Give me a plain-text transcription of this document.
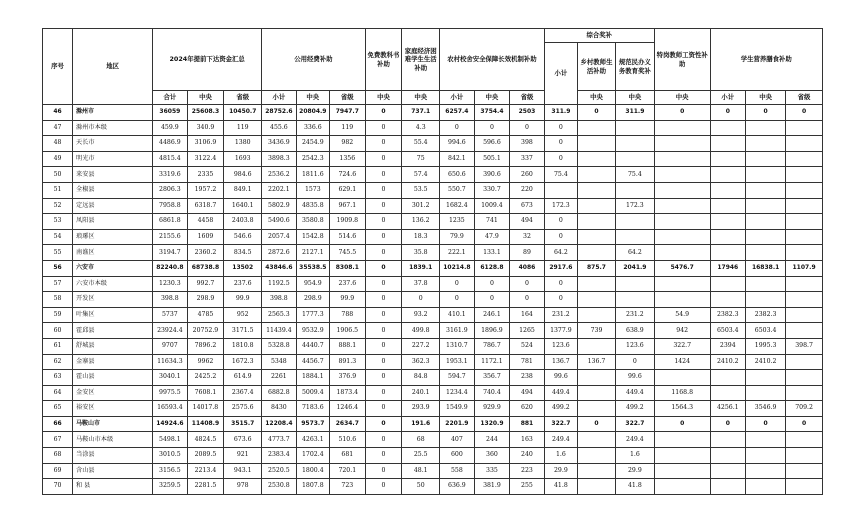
序号	地区	2024年提前下达资金汇总			公用经费补助			免费教科书补助	家庭经济困难学生生活补助	农村校舍安全保障长效机制补助			综合奖补			特岗教师工资性补助	学生营养膳食补助		
													小计	乡村教师生活补助	规范民办义务教育奖补				
		合计	中央	省级	小计	中央	省级	中央	中央	小计	中央	省级		中央	中央	中央	小计	中央	省级
46	滁州市	36059	25608.3	10450.7	28752.6	20804.9	7947.7	0	737.1	6257.4	3754.4	2503	311.9	0	311.9	0	0	0	0
47	滁州市本级	459.9	340.9	119	455.6	336.6	119	0	4.3	0	0	0	0						
48	天长市	4486.9	3106.9	1380	3436.9	2454.9	982	0	55.4	994.6	596.6	398	0						
49	明光市	4815.4	3122.4	1693	3898.3	2542.3	1356	0	75	842.1	505.1	337	0						
50	来安县	3319.6	2335	984.6	2536.2	1811.6	724.6	0	57.4	650.6	390.6	260	75.4		75.4				
51	全椒县	2806.3	1957.2	849.1	2202.1	1573	629.1	0	53.5	550.7	330.7	220							
52	定远县	7958.8	6318.7	1640.1	5802.9	4835.8	967.1	0	301.2	1682.4	1009.4	673	172.3		172.3				
53	凤阳县	6861.8	4458	2403.8	5490.6	3580.8	1909.8	0	136.2	1235	741	494	0						
54	琅琊区	2155.6	1609	546.6	2057.4	1542.8	514.6	0	18.3	79.9	47.9	32	0						
55	南谯区	3194.7	2360.2	834.5	2872.6	2127.1	745.5	0	35.8	222.1	133.1	89	64.2		64.2				
56	六安市	82240.8	68738.8	13502	43846.6	35538.5	8308.1	0	1839.1	10214.8	6128.8	4086	2917.6	875.7	2041.9	5476.7	17946	16838.1	1107.9
57	六安市本级	1230.3	992.7	237.6	1192.5	954.9	237.6	0	37.8	0	0	0	0						
58	开发区	398.8	298.9	99.9	398.8	298.9	99.9	0	0	0	0	0	0						
59	叶集区	5737	4785	952	2565.3	1777.3	788	0	93.2	410.1	246.1	164	231.2		231.2	54.9	2382.3	2382.3	
60	霍邱县	23924.4	20752.9	3171.5	11439.4	9532.9	1906.5	0	499.8	3161.9	1896.9	1265	1377.9	739	638.9	942	6503.4	6503.4	
61	舒城县	9707	7896.2	1810.8	5328.8	4440.7	888.1	0	227.2	1310.7	786.7	524	123.6		123.6	322.7	2394	1995.3	398.7
62	金寨县	11634.3	9962	1672.3	5348	4456.7	891.3	0	362.3	1953.1	1172.1	781	136.7	136.7	0	1424	2410.2	2410.2	
63	霍山县	3040.1	2425.2	614.9	2261	1884.1	376.9	0	84.8	594.7	356.7	238	99.6		99.6				
64	金安区	9975.5	7608.1	2367.4	6882.8	5009.4	1873.4	0	240.1	1234.4	740.4	494	449.4		449.4	1168.8			
65	裕安区	16593.4	14017.8	2575.6	8430	7183.6	1246.4	0	293.9	1549.9	929.9	620	499.2		499.2	1564.3	4256.1	3546.9	709.2
66	马鞍山市	14924.6	11408.9	3515.7	12208.4	9573.7	2634.7	0	191.6	2201.9	1320.9	881	322.7	0	322.7	0	0	0	0
67	马鞍山市本级	5498.1	4824.5	673.6	4773.7	4263.1	510.6	0	68	407	244	163	249.4		249.4				
68	当涂县	3010.5	2089.5	921	2383.4	1702.4	681	0	25.5	600	360	240	1.6		1.6				
69	含山县	3156.5	2213.4	943.1	2520.5	1800.4	720.1	0	48.1	558	335	223	29.9		29.9				
70	和 县	3259.5	2281.5	978	2530.8	1807.8	723	0	50	636.9	381.9	255	41.8		41.8				
